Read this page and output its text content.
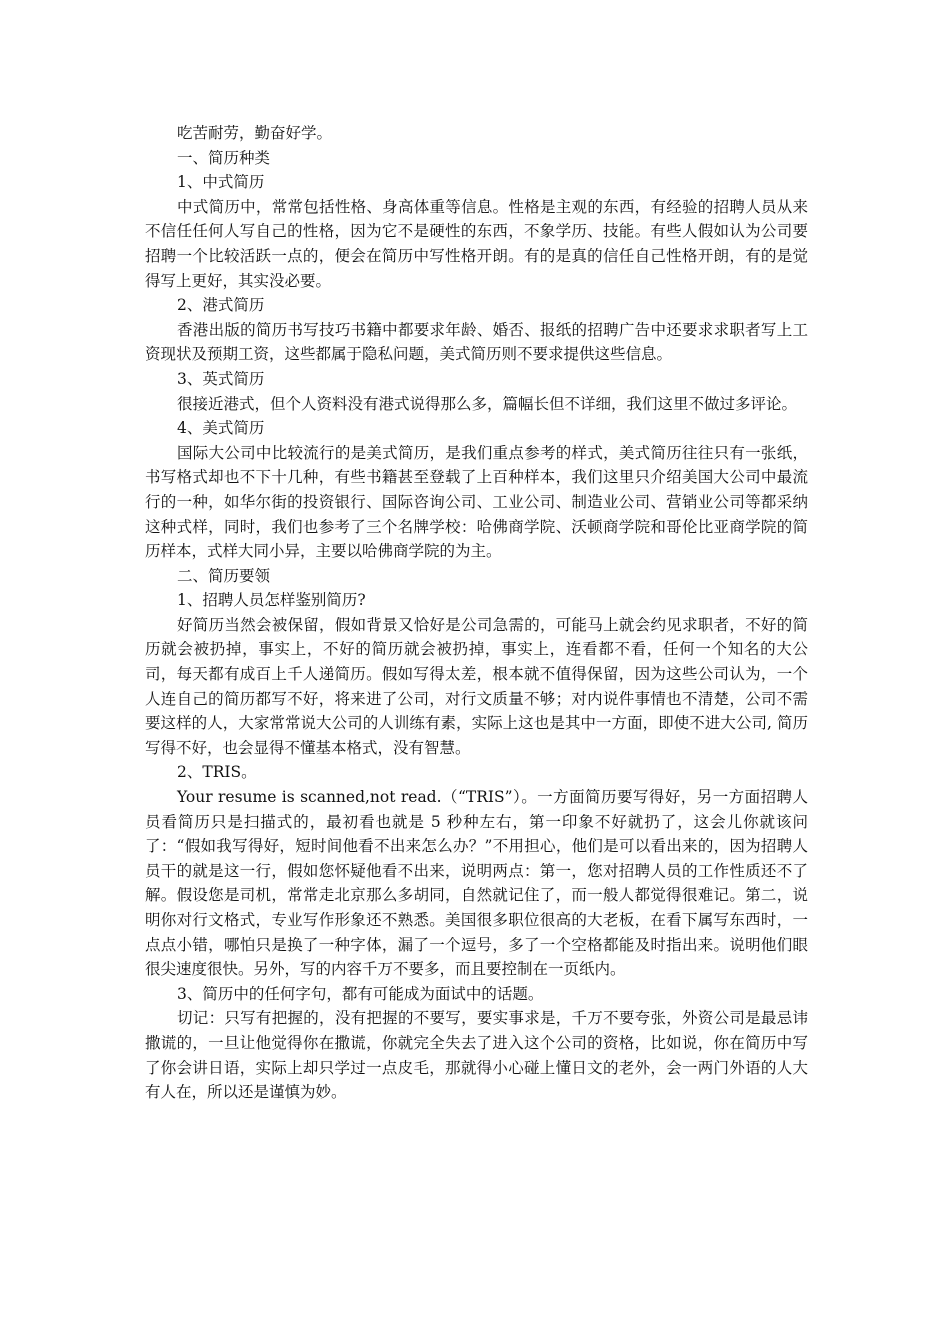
吃苦耐劳，勤奋好学。

一、简历种类

1、中式简历

中式简历中，常常包括性格、身高体重等信息。性格是主观的东西，有经验的招聘人员从来不信任任何人写自己的性格，因为它不是硬性的东西，不象学历、技能。有些人假如认为公司要招聘一个比较活跃一点的，便会在简历中写性格开朗。有的是真的信任自己性格开朗，有的是觉得写上更好，其实没必要。

2、港式简历

香港出版的简历书写技巧书籍中都要求年龄、婚否、报纸的招聘广告中还要求求职者写上工资现状及预期工资，这些都属于隐私问题，美式简历则不要求提供这些信息。

3、英式简历

很接近港式，但个人资料没有港式说得那么多，篇幅长但不详细，我们这里不做过多评论。

4、美式简历

国际大公司中比较流行的是美式简历，是我们重点参考的样式，美式简历往往只有一张纸，书写格式却也不下十几种，有些书籍甚至登载了上百种样本，我们这里只介绍美国大公司中最流行的一种，如华尔街的投资银行、国际咨询公司、工业公司、制造业公司、营销业公司等都采纳这种式样，同时，我们也参考了三个名牌学校：哈佛商学院、沃顿商学院和哥伦比亚商学院的简历样本，式样大同小异，主要以哈佛商学院的为主。

二、简历要领

1、招聘人员怎样鉴别简历?

好简历当然会被保留，假如背景又恰好是公司急需的，可能马上就会约见求职者，不好的简历就会被扔掉，事实上，不好的简历就会被扔掉，事实上，连看都不看，任何一个知名的大公司，每天都有成百上千人递简历。假如写得太差，根本就不值得保留，因为这些公司认为，一个人连自己的简历都写不好，将来进了公司，对行文质量不够；对内说件事情也不清楚，公司不需要这样的人，大家常常说大公司的人训练有素，实际上这也是其中一方面，即使不进大公司, 简历写得不好，也会显得不懂基本格式，没有智慧。

2、TRIS。

Your resume is scanned,not read.（“TRIS”）。一方面简历要写得好，另一方面招聘人员看简历只是扫描式的，最初看也就是 5 秒种左右，第一印象不好就扔了，这会儿你就该问了：“假如我写得好，短时间他看不出来怎么办？”不用担心，他们是可以看出来的，因为招聘人员干的就是这一行，假如您怀疑他看不出来，说明两点：第一，您对招聘人员的工作性质还不了解。假设您是司机，常常走北京那么多胡同，自然就记住了，而一般人都觉得很难记。第二，说明你对行文格式，专业写作形象还不熟悉。美国很多职位很高的大老板，在看下属写东西时，一点点小错，哪怕只是换了一种字体，漏了一个逗号，多了一个空格都能及时指出来。说明他们眼很尖速度很快。另外，写的内容千万不要多，而且要控制在一页纸内。

3、简历中的任何字句，都有可能成为面试中的话题。

切记：只写有把握的，没有把握的不要写，要实事求是，千万不要夸张，外资公司是最忌讳撒谎的，一旦让他觉得你在撒谎，你就完全失去了进入这个公司的资格，比如说，你在简历中写了你会讲日语，实际上却只学过一点皮毛，那就得小心碰上懂日文的老外，会一两门外语的人大有人在，所以还是谨慎为妙。
